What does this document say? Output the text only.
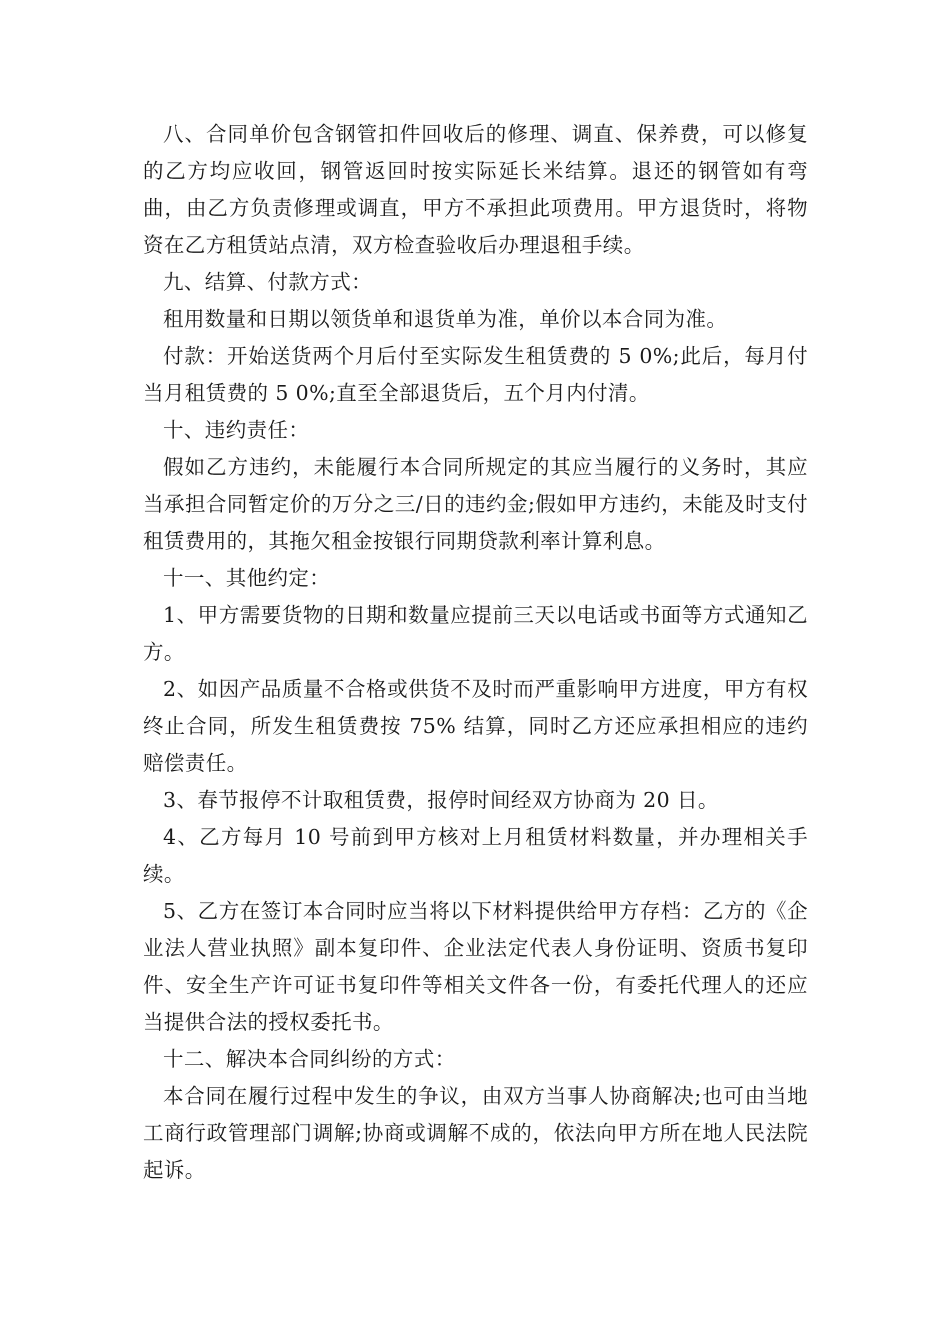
八、合同单价包含钢管扣件回收后的修理、调直、保养费，可以修复的乙方均应收回，钢管返回时按实际延长米结算。退还的钢管如有弯曲，由乙方负责修理或调直，甲方不承担此项费用。甲方退货时，将物资在乙方租赁站点清，双方检查验收后办理退租手续。

九、结算、付款方式：

租用数量和日期以领货单和退货单为准，单价以本合同为准。

付款：开始送货两个月后付至实际发生租赁费的 5 0%;此后，每月付当月租赁费的 5 0%;直至全部退货后，五个月内付清。

十、违约责任：

假如乙方违约，未能履行本合同所规定的其应当履行的义务时，其应当承担合同暂定价的万分之三/日的违约金;假如甲方违约，未能及时支付租赁费用的，其拖欠租金按银行同期贷款利率计算利息。

十一、其他约定：

1、甲方需要货物的日期和数量应提前三天以电话或书面等方式通知乙方。

2、如因产品质量不合格或供货不及时而严重影响甲方进度，甲方有权终止合同，所发生租赁费按 75% 结算，同时乙方还应承担相应的违约赔偿责任。

3、春节报停不计取租赁费，报停时间经双方协商为 20 日。

4、乙方每月 10 号前到甲方核对上月租赁材料数量，并办理相关手续。

5、乙方在签订本合同时应当将以下材料提供给甲方存档：乙方的《企业法人营业执照》副本复印件、企业法定代表人身份证明、资质书复印件、安全生产许可证书复印件等相关文件各一份，有委托代理人的还应当提供合法的授权委托书。

十二、解决本合同纠纷的方式：

本合同在履行过程中发生的争议，由双方当事人协商解决;也可由当地工商行政管理部门调解;协商或调解不成的，依法向甲方所在地人民法院起诉。
